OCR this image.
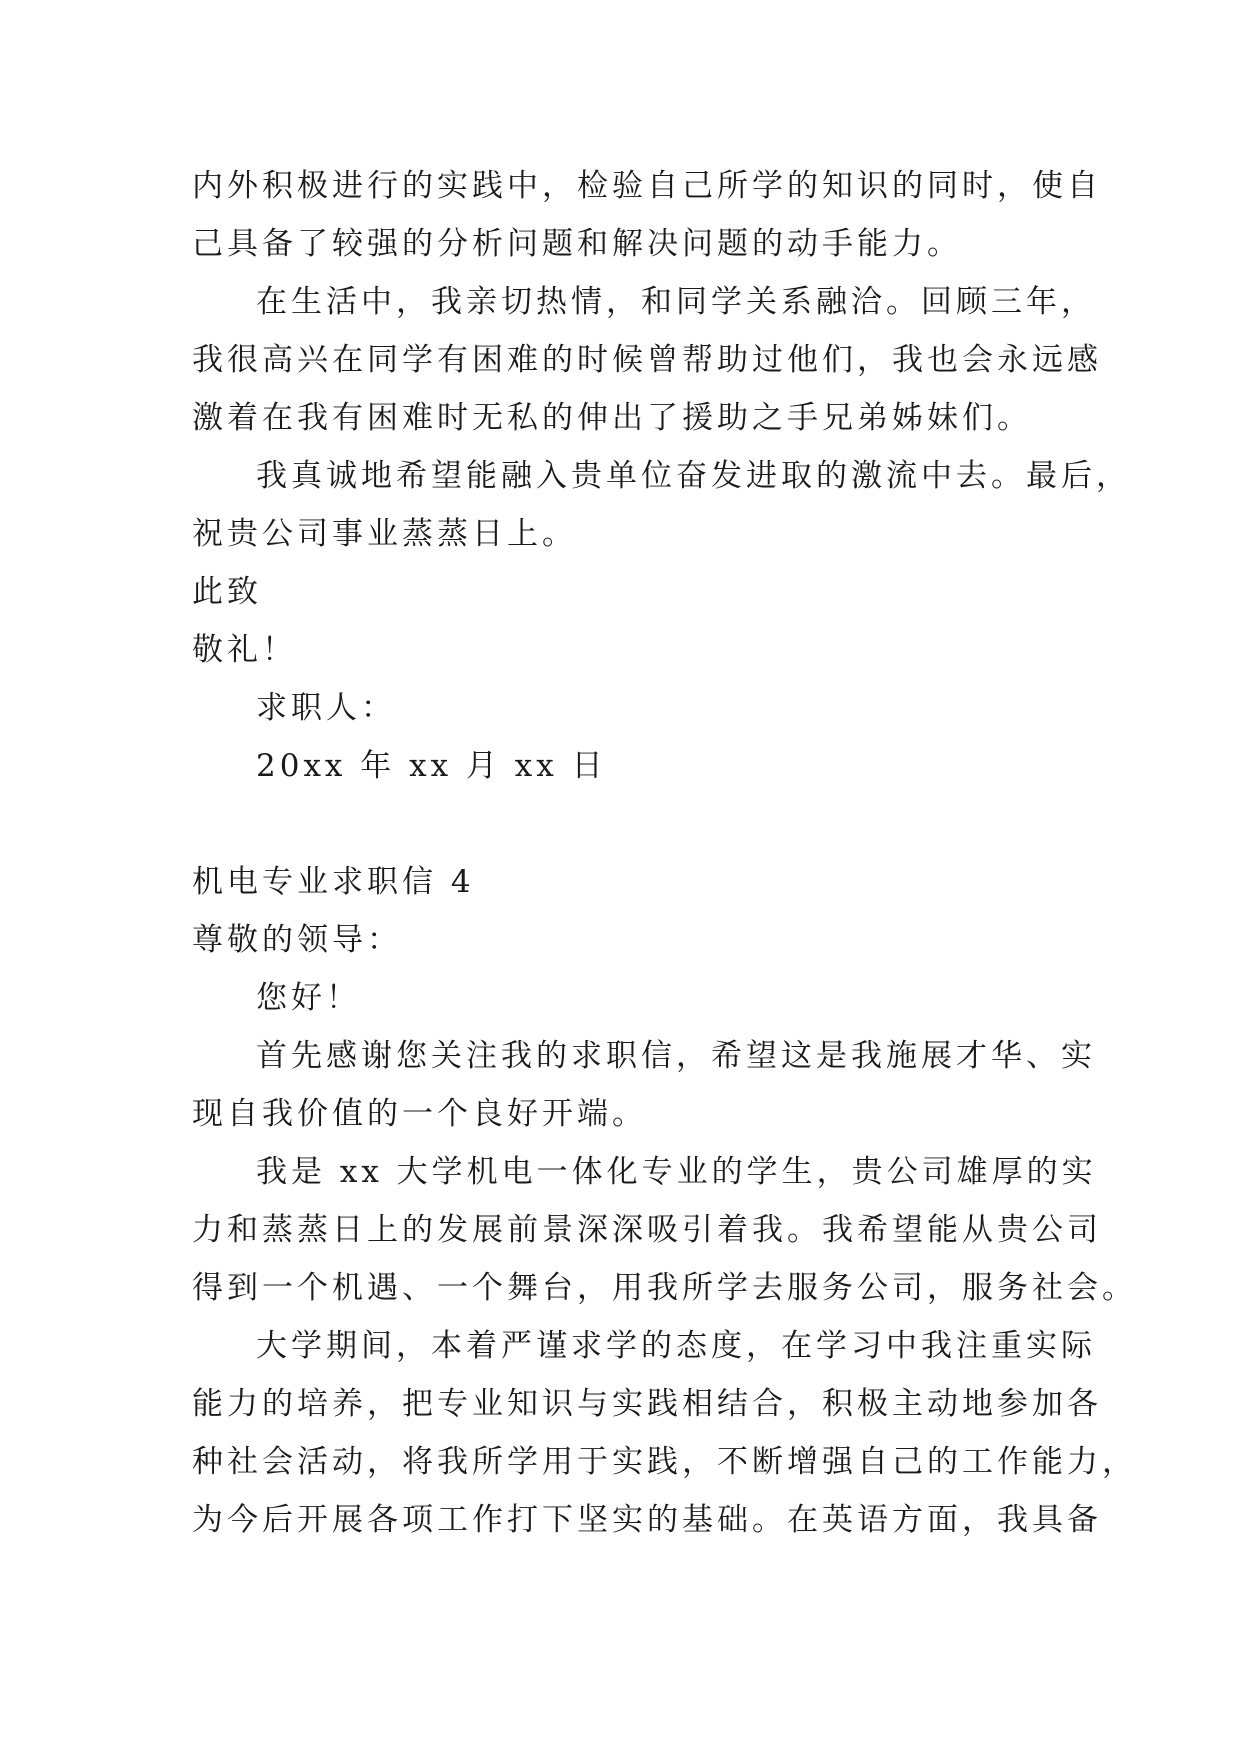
内外积极进行的实践中，检验自己所学的知识的同时，使自
己具备了较强的分析问题和解决问题的动手能力。
在生活中，我亲切热情，和同学关系融洽。回顾三年，
我很高兴在同学有困难的时候曾帮助过他们，我也会永远感
激着在我有困难时无私的伸出了援助之手兄弟姊妹们。
我真诚地希望能融入贵单位奋发进取的激流中去。最后，
祝贵公司事业蒸蒸日上。
此致
敬礼！
求职人：
20xx 年 xx 月 xx 日
机电专业求职信 4
尊敬的领导：
您好！
首先感谢您关注我的求职信，希望这是我施展才华、实
现自我价值的一个良好开端。
我是 xx 大学机电一体化专业的学生，贵公司雄厚的实
力和蒸蒸日上的发展前景深深吸引着我。我希望能从贵公司
得到一个机遇、一个舞台，用我所学去服务公司，服务社会。
大学期间，本着严谨求学的态度，在学习中我注重实际
能力的培养，把专业知识与实践相结合，积极主动地参加各
种社会活动，将我所学用于实践，不断增强自己的工作能力，
为今后开展各项工作打下坚实的基础。在英语方面，我具备
